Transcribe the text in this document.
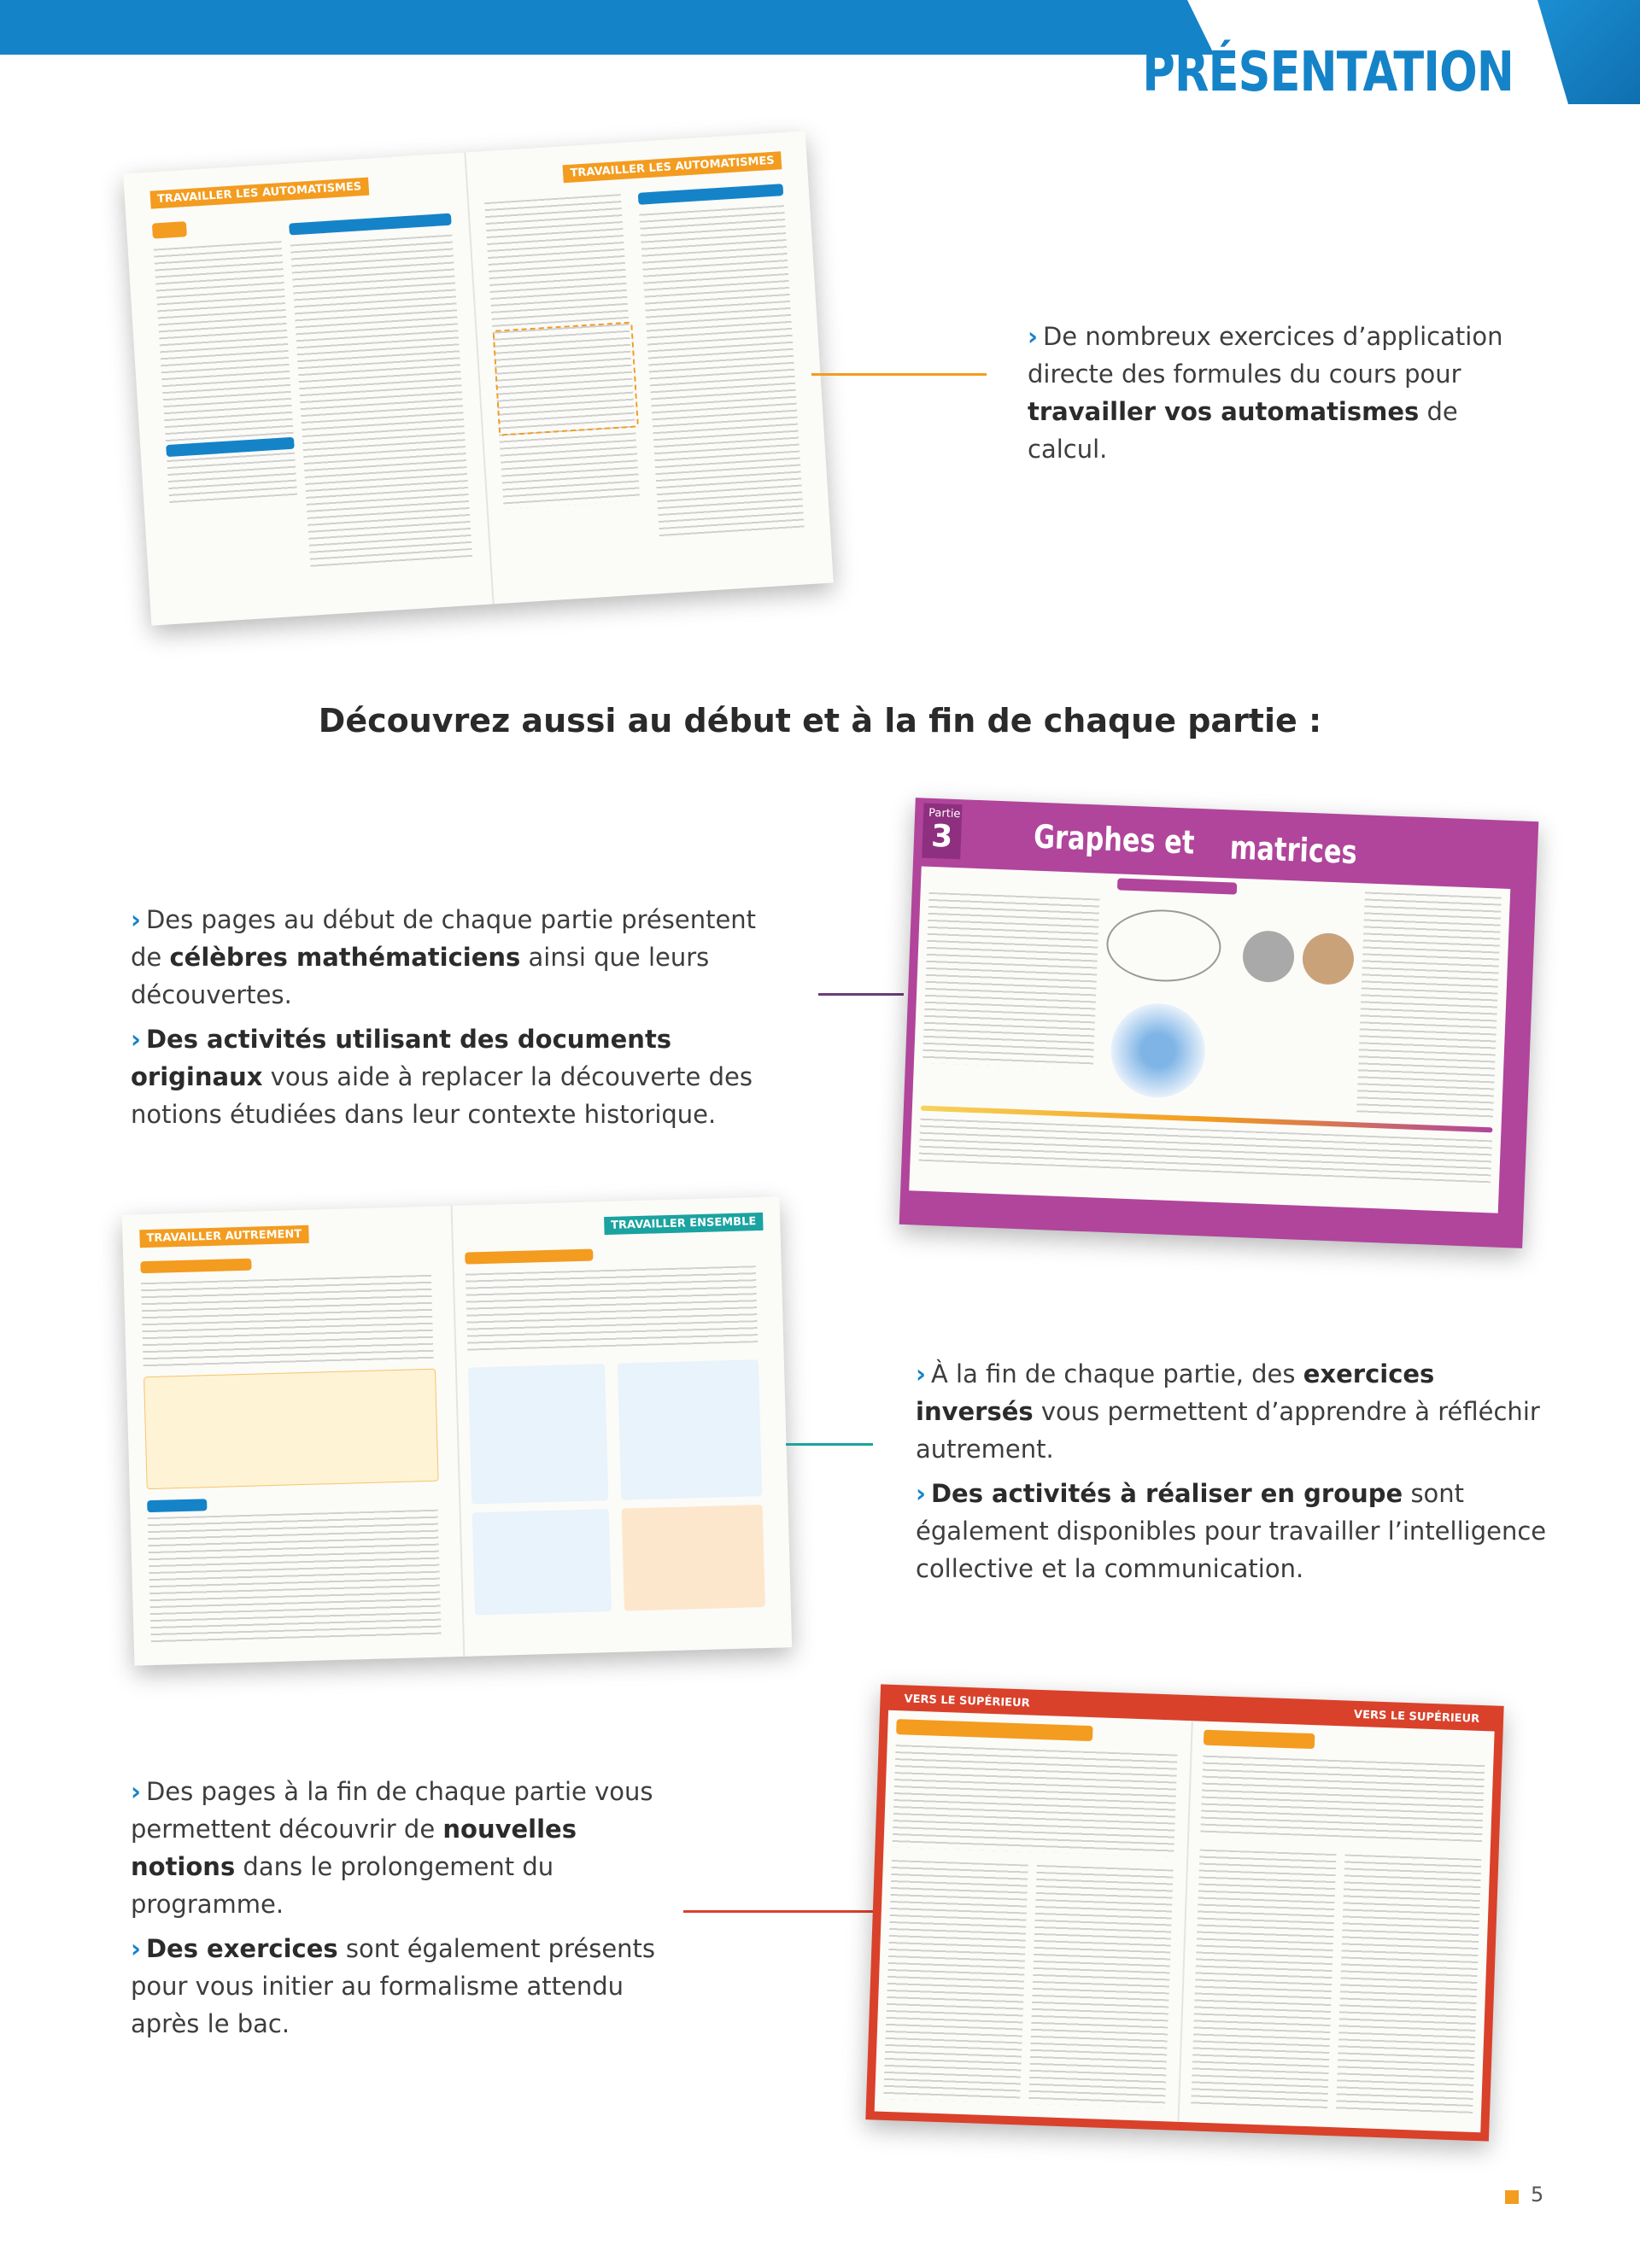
PRÉSENTATION
TRAVAILLER LES AUTOMATISMES
TRAVAILLER LES AUTOMATISMES

› De nombreux exercices d’application directe des formules du cours pour travailler vos automatismes de calcul.

Découvrez aussi au début et à la fin de chaque partie :

› Des pages au début de chaque partie présentent de célèbres mathématiciens ainsi que leurs découvertes.

› Des activités utilisant des documents originaux vous aide à replacer la découverte des notions étudiées dans leur contexte historique.

Partie
3 Graphes et matrices
TRAVAILLER AUTREMENT
TRAVAILLER ENSEMBLE

› À la fin de chaque partie, des exercices inversés vous permettent d’apprendre à réfléchir autrement.

› Des activités à réaliser en groupe sont également disponibles pour travailler l’intelligence collective et la communication.

› Des pages à la fin de chaque partie vous permettent découvrir de nouvelles notions dans le prolongement du programme.

› Des exercices sont également présents pour vous initier au formalisme attendu après le bac.

VERS LE SUPÉRIEUR
VERS LE SUPÉRIEUR
5
